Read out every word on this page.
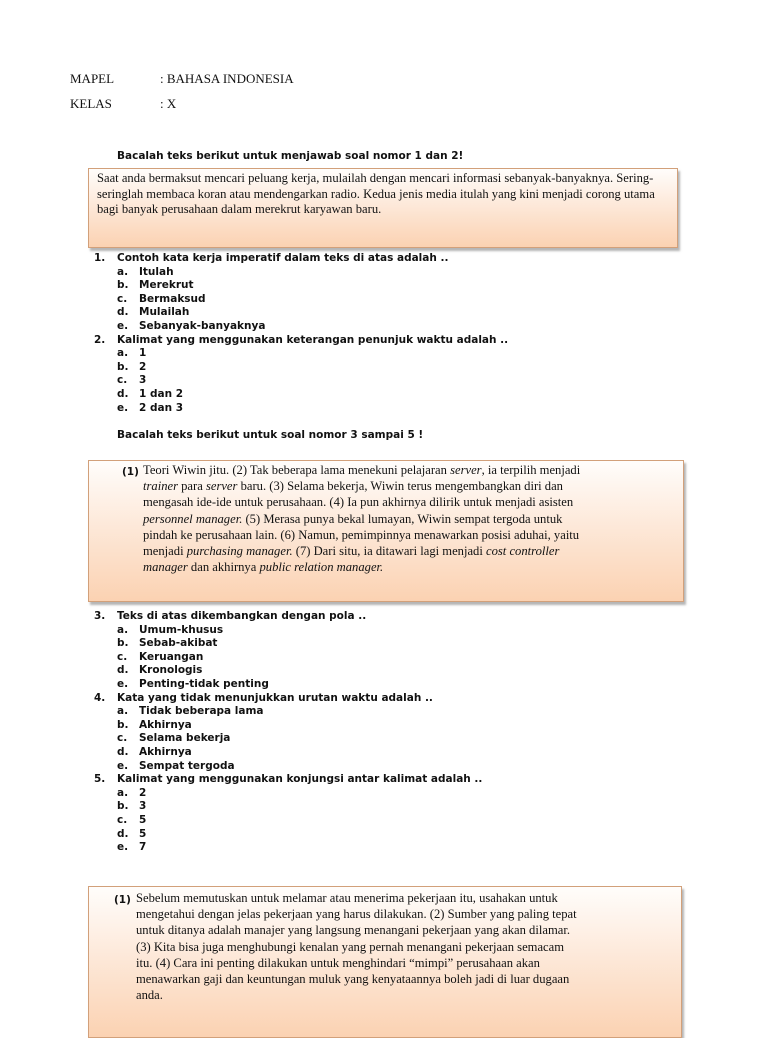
MAPEL	: BAHASA INDONESIA
KELAS	: X
Bacalah teks berikut untuk menjawab soal nomor 1 dan 2!

Saat anda bermaksut mencari peluang kerja, mulailah dengan mencari informasi sebanyak-banyaknya. Sering-seringlah membaca koran atau mendengarkan radio. Kedua jenis media itulah yang kini menjadi corong utama bagi banyak perusahaan dalam merekrut karyawan baru.

1. Contoh kata kerja imperatif dalam teks di atas adalah ..
a. Itulah
b. Merekrut
c. Bermaksud
d. Mulailah
e. Sebanyak-banyaknya
2. Kalimat yang menggunakan keterangan penunjuk waktu adalah ..
a. 1
b. 2
c. 3
d. 1 dan 2
e. 2 dan 3
Bacalah teks berikut untuk soal nomor 3 sampai 5 !
(1) Teori Wiwin jitu. (2) Tak beberapa lama menekuni pelajaran server, ia terpilih menjadi
trainer para server baru. (3) Selama bekerja, Wiwin terus mengembangkan diri dan
mengasah ide-ide untuk perusahaan. (4) Ia pun akhirnya dilirik untuk menjadi asisten
personnel manager. (5) Merasa punya bekal lumayan, Wiwin sempat tergoda untuk
pindah ke perusahaan lain. (6) Namun, pemimpinnya menawarkan posisi aduhai, yaitu
menjadi purchasing manager. (7) Dari situ, ia ditawari lagi menjadi cost controller
manager dan akhirnya public relation manager.
3. Teks di atas dikembangkan dengan pola ..
a. Umum-khusus
b. Sebab-akibat
c. Keruangan
d. Kronologis
e. Penting-tidak penting
4. Kata yang tidak menunjukkan urutan waktu adalah ..
a. Tidak beberapa lama
b. Akhirnya
c. Selama bekerja
d. Akhirnya
e. Sempat tergoda
5. Kalimat yang menggunakan konjungsi antar kalimat adalah ..
a. 2
b. 3
c. 5
d. 5
e. 7
(1) Sebelum memutuskan untuk melamar atau menerima pekerjaan itu, usahakan untuk
mengetahui dengan jelas pekerjaan yang harus dilakukan. (2) Sumber yang paling tepat
untuk ditanya adalah manajer yang langsung menangani pekerjaan yang akan dilamar.
(3) Kita bisa juga menghubungi kenalan yang pernah menangani pekerjaan semacam
itu. (4) Cara ini penting dilakukan untuk menghindari “mimpi” perusahaan akan
menawarkan gaji dan keuntungan muluk yang kenyataannya boleh jadi di luar dugaan
anda.
